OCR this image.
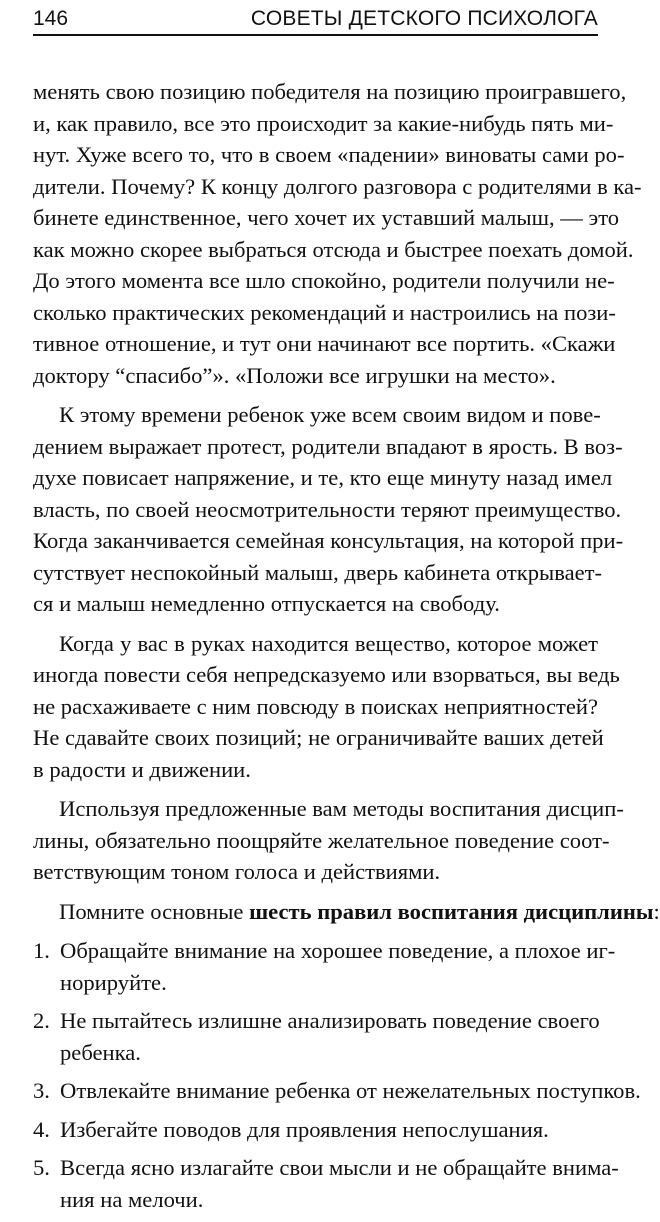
146	СОВЕТЫ ДЕТСКОГО ПСИХОЛОГА
менять свою позицию победителя на позицию проигравшего,
и, как правило, все это происходит за какие-нибудь пять ми-
нут. Хуже всего то, что в своем «падении» виноваты сами ро-
дители. Почему? К концу долгого разговора с родителями в ка-
бинете единственное, чего хочет их уставший малыш, — это
как можно скорее выбраться отсюда и быстрее поехать домой.
До этого момента все шло спокойно, родители получили не-
сколько практических рекомендаций и настроились на пози-
тивное отношение, и тут они начинают все портить. «Скажи
доктору “спасибо”». «Положи все игрушки на место».
К этому времени ребенок уже всем своим видом и пове-
дением выражает протест, родители впадают в ярость. В воз-
духе повисает напряжение, и те, кто еще минуту назад имел
власть, по своей неосмотрительности теряют преимущество.
Когда заканчивается семейная консультация, на которой при-
сутствует неспокойный малыш, дверь кабинета открывает-
ся и малыш немедленно отпускается на свободу.
Когда у вас в руках находится вещество, которое может
иногда повести себя непредсказуемо или взорваться, вы ведь
не расхаживаете с ним повсюду в поисках неприятностей?
Не сдавайте своих позиций; не ограничивайте ваших детей
в радости и движении.
Используя предложенные вам методы воспитания дисцип-
лины, обязательно поощряйте желательное поведение соот-
ветствующим тоном голоса и действиями.
Помните основные шесть правил воспитания дисциплины:
1. Обращайте внимание на хорошее поведение, а плохое иг-
норируйте.
2. Не пытайтесь излишне анализировать поведение своего
ребенка.
3. Отвлекайте внимание ребенка от нежелательных поступков.
4. Избегайте поводов для проявления непослушания.
5. Всегда ясно излагайте свои мысли и не обращайте внима-
ния на мелочи.
